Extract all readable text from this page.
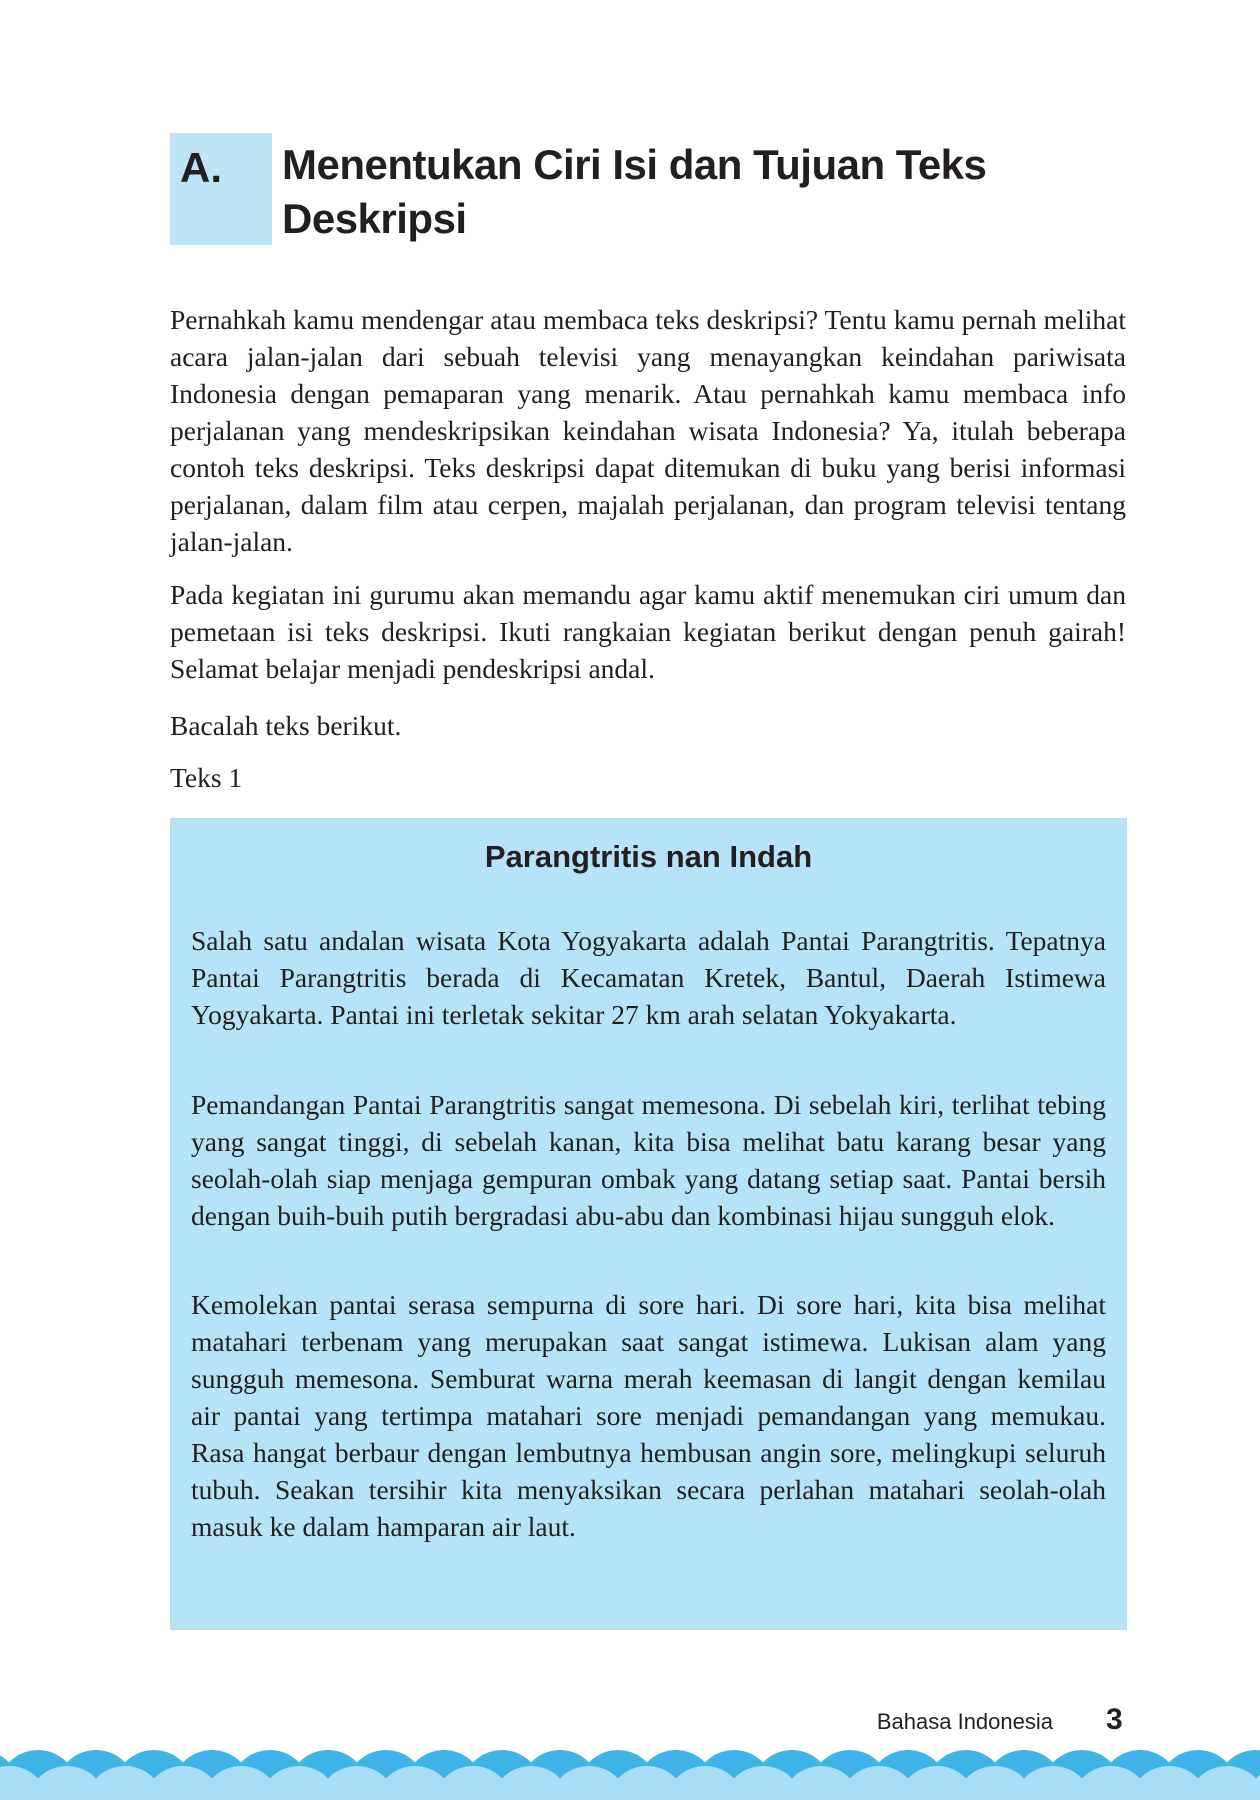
A. Menentukan Ciri Isi dan Tujuan Teks Deskripsi

Pernahkah kamu mendengar atau membaca teks deskripsi? Tentu kamu pernah melihat acara jalan-jalan dari sebuah televisi yang menayangkan keindahan pariwisata Indonesia dengan pemaparan yang menarik. Atau pernahkah kamu membaca info perjalanan yang mendeskripsikan keindahan wisata Indonesia? Ya, itulah beberapa contoh teks deskripsi. Teks deskripsi dapat ditemukan di buku yang berisi informasi perjalanan, dalam film atau cerpen, majalah perjalanan, dan program televisi tentang jalan-jalan.

Pada kegiatan ini gurumu akan memandu agar kamu aktif menemukan ciri umum dan pemetaan isi teks deskripsi. Ikuti rangkaian kegiatan berikut dengan penuh gairah! Selamat belajar menjadi pendeskripsi andal.

Bacalah teks berikut.

Teks 1

Parangtritis nan Indah

Salah satu andalan wisata Kota Yogyakarta adalah Pantai Parangtritis. Tepatnya Pantai Parangtritis berada di Kecamatan Kretek, Bantul, Daerah Istimewa Yogyakarta. Pantai ini terletak sekitar 27 km arah selatan Yokyakarta.

Pemandangan Pantai Parangtritis sangat memesona. Di sebelah kiri, terlihat tebing yang sangat tinggi, di sebelah kanan, kita bisa melihat batu karang besar yang seolah-olah siap menjaga gempuran ombak yang datang setiap saat. Pantai bersih dengan buih-buih putih bergradasi abu-abu dan kombinasi hijau sungguh elok.

Kemolekan pantai serasa sempurna di sore hari. Di sore hari, kita bisa melihat matahari terbenam yang merupakan saat sangat istimewa. Lukisan alam yang sungguh memesona. Semburat warna merah keemasan di langit dengan kemilau air pantai yang tertimpa matahari sore menjadi pemandangan yang memukau. Rasa hangat berbaur dengan lembutnya hembusan angin sore, melingkupi seluruh tubuh. Seakan tersihir kita menyaksikan secara perlahan matahari seolah-olah masuk ke dalam hamparan air laut.

Bahasa Indonesia 3
